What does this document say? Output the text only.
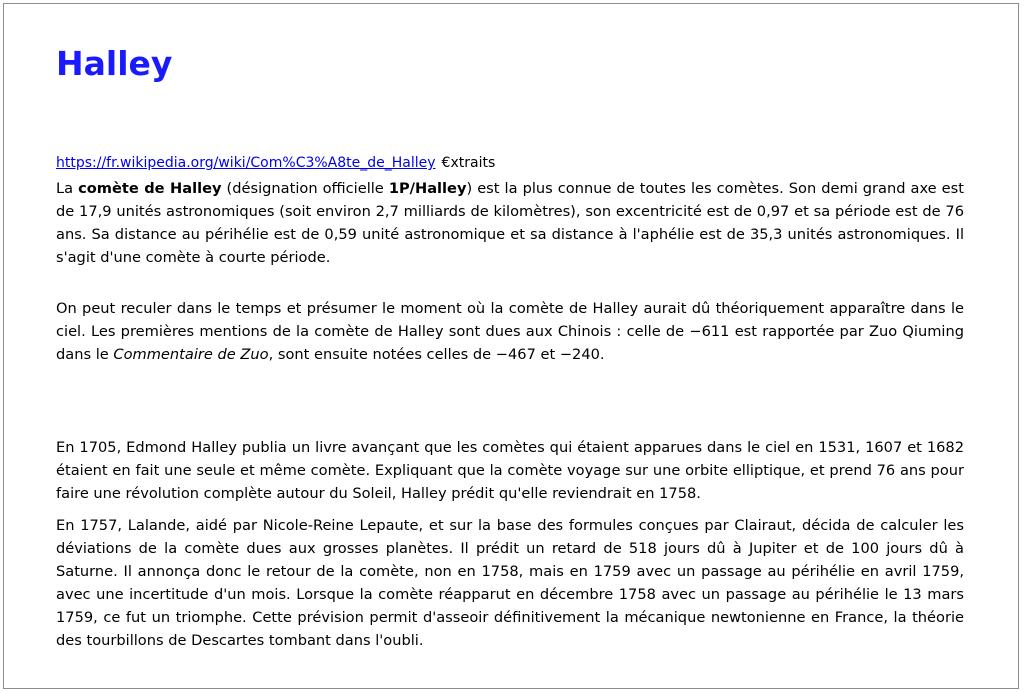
Halley
https://fr.wikipedia.org/wiki/Com%C3%A8te_de_Halley €xtraits

La comète de Halley (désignation officielle 1P/Halley) est la plus connue de toutes les comètes. Son demi grand axe est de 17,9 unités astronomiques (soit environ 2,7 milliards de kilomètres), son excentricité est de 0,97 et sa période est de 76 ans. Sa distance au périhélie est de 0,59 unité astronomique et sa distance à l'aphélie est de 35,3 unités astronomiques. Il s'agit d'une comète à courte période.

On peut reculer dans le temps et présumer le moment où la comète de Halley aurait dû théoriquement apparaître dans le ciel. Les premières mentions de la comète de Halley sont dues aux Chinois : celle de −611 est rapportée par Zuo Qiuming dans le Commentaire de Zuo, sont ensuite notées celles de −467 et −240.

En 1705, Edmond Halley publia un livre avançant que les comètes qui étaient apparues dans le ciel en 1531, 1607 et 1682 étaient en fait une seule et même comète. Expliquant que la comète voyage sur une orbite elliptique, et prend 76 ans pour faire une révolution complète autour du Soleil, Halley prédit qu'elle reviendrait en 1758.

En 1757, Lalande, aidé par Nicole-Reine Lepaute, et sur la base des formules conçues par Clairaut, décida de calculer les déviations de la comète dues aux grosses planètes. Il prédit un retard de 518 jours dû à Jupiter et de 100 jours dû à Saturne. Il annonça donc le retour de la comète, non en 1758, mais en 1759 avec un passage au périhélie en avril 1759, avec une incertitude d'un mois. Lorsque la comète réapparut en décembre 1758 avec un passage au périhélie le 13 mars 1759, ce fut un triomphe. Cette prévision permit d'asseoir définitivement la mécanique newtonienne en France, la théorie des tourbillons de Descartes tombant dans l'oubli.
